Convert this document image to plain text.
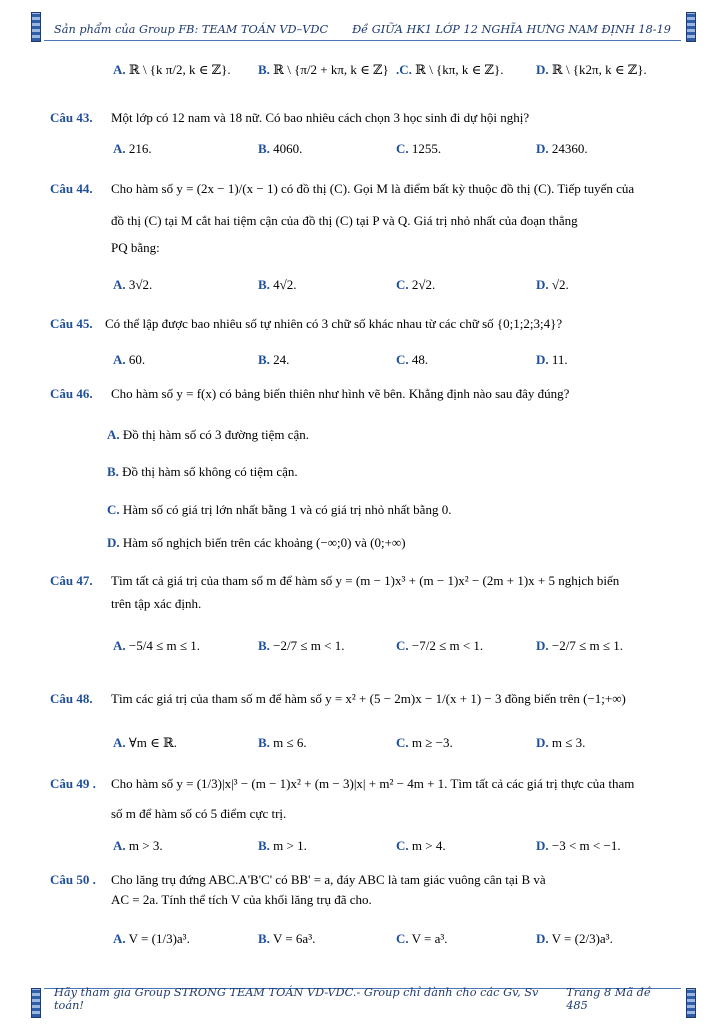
Sản phẩm của Group FB: TEAM TOÁN VD–VDC Đề GIỮA HK1 LỚP 12 NGHĨA HƯNG NAM ĐỊNH 18-19
A. ℝ \ {k π/2, k ∈ ℤ}. B. ℝ \ {π/2 + kπ, k ∈ ℤ} .C. ℝ \ {kπ, k ∈ ℤ}.	D. ℝ \ {k2π, k ∈ ℤ}.
Câu 43. Một lớp có 12 nam và 18 nữ. Có bao nhiêu cách chọn 3 học sinh đi dự hội nghị?
A. 216.	B. 4060.	C. 1255.	D. 24360.
Câu 44. Cho hàm số y = (2x − 1)/(x − 1) có đồ thị (C). Gọi M là điểm bất kỳ thuộc đồ thị (C). Tiếp tuyến của
đồ thị (C) tại M cắt hai tiệm cận của đồ thị (C) tại P và Q. Giá trị nhỏ nhất của đoạn thẳng
PQ bằng:
A. 3√2.	B. 4√2.	C. 2√2.	D. √2.
Câu 45. Có thể lập được bao nhiêu số tự nhiên có 3 chữ số khác nhau từ các chữ số {0;1;2;3;4}?
A. 60.	B. 24.	C. 48.	D. 11.
Câu 46. Cho hàm số y = f(x) có bảng biến thiên như hình vẽ bên. Khẳng định nào sau đây đúng?
A. Đồ thị hàm số có 3 đường tiệm cận.
B. Đồ thị hàm số không có tiệm cận.
C. Hàm số có giá trị lớn nhất bằng 1 và có giá trị nhỏ nhất bằng 0.
D. Hàm số nghịch biến trên các khoảng (−∞;0) và (0;+∞)
Câu 47. Tìm tất cả giá trị của tham số m để hàm số y = (m − 1)x³ + (m − 1)x² − (2m + 1)x + 5 nghịch biến
trên tập xác định.
A. −5/4 ≤ m ≤ 1.	B. −2/7 ≤ m < 1.	C. −7/2 ≤ m < 1.	D. −2/7 ≤ m ≤ 1.
Câu 48. Tìm các giá trị của tham số m để hàm số y = x² + (5 − 2m)x − 1/(x + 1) − 3 đồng biến trên (−1;+∞)
A. ∀m ∈ ℝ.	B. m ≤ 6.	C. m ≥ −3.	D. m ≤ 3.
Câu 49 . Cho hàm số y = (1/3)|x|³ − (m − 1)x² + (m − 3)|x| + m² − 4m + 1. Tìm tất cả các giá trị thực của tham
số m để hàm số có 5 điểm cực trị.
A. m > 3.	B. m > 1.	C. m > 4.	D. −3 < m < −1.
Câu 50 . Cho lăng trụ đứng ABC.A'B'C' có BB' = a, đáy ABC là tam giác vuông cân tại B và
AC = 2a. Tính thể tích V của khối lăng trụ đã cho.
A. V = (1/3)a³.	B. V = 6a³.	C. V = a³.	D. V = (2/3)a³.
Hãy tham gia Group STRONG TEAM TOÁN VD-VDC.- Group chỉ dành cho các Gv, Sv toán!
Trang 8 Mã đề 485
